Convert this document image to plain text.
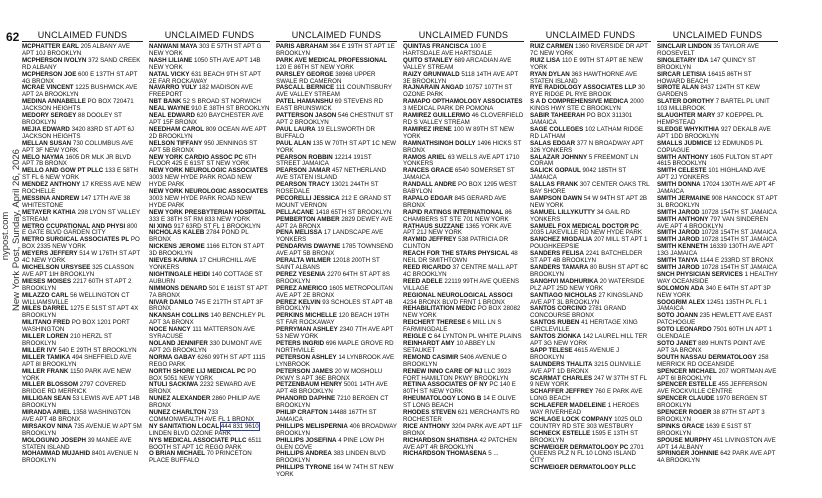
62
nypost.com New York Post, Sunday, April 26, 2026
UNCLAIMED FUNDS
MCPHATTER EARL 205 ALBANY AVE APT 10J BROOKLYN
MCPHERSON IVOLYN 372 SAND CREEK RD ALBANY
MCPHERSON JOE 600 E 137TH ST APT 4G BRONX
MCRAE VINCENT 1225 BUSHWICK AVE APT 2A BROOKLYN
MEDINA ANNABELLE PO BOX 720471 JACKSON HEIGHTS
MEDORY SERGEY 88 DOOLEY ST BROOKLYN
MEJIA EDWARD 3420 83RD ST APT 6J JACKSON HEIGHTS
MELLAN SUSAN 730 COLUMBUS AVE APT 3F NEW YORK
MELO NAYMA 1605 DR MLK JR BLVD APT 7B BRONX
MELLO AND GOW PT PLLC 133 E 58TH ST FL 6 NEW YORK
MENDEZ ANTHONY 17 KRESS AVE NEW ROCHELLE
MESSINA ANDREW 147 17TH AVE 38 WHITESTONE
METAYER KATHIA 298 LYON ST VALLEY STREAM
METRO CCUPATIONAL AND PHYSI 800 E GATE BLVD GARDEN CITY
METRO SURGICAL ASSOCIATES PL PO BOX 2335 NEW YORK
MEYERS JEFFERY 514 W 176TH ST APT 4C NEW YORK
MICHELSON URSYSEE 325 CLASSON AVE APT 1IH BROOKLYN
MIESES MOISES 2217 60TH ST APT 2 BROOKLYN
MILAZZO CARL 56 WELLINGTON CT WILLIAMSVILLE
MILES DARREL 1275 E 51ST ST APT 4X BROOKLYN
MILITANO FRED PO BOX 1201 PORT WASHINGTON
MILLER LOREN 210 HERZL ST BROOKLYN
MILLER IVY 540 E 29TH ST BROOKLYN
MILLER TAMIKA 494 SHEFFIELD AVE APT 8I BROOKLYN
MILLER FRANK 1150 PARK AVE NEW YORK
MILLER BLOSSOM 2797 COVERED BRIDGE RD MERRICK
MILLIGAN SEAN 53 LEWIS AVE APT 14B BROOKLYN
MIRANDA ARIEL 1358 WASHINGTON AVE APT 4B BRONX
MIRSAKOV NINA 735 AVENUE W APT 5M BROOKLYN
MOLOGUNO JOSEPH 39 MANEE AVE STATEN ISLAND
MOHAMMAD MUJAHID 8401 AVENUE N BROOKLYN
UNCLAIMED FUNDS
NANWANI MAYA 303 E 57TH ST APT G NEW YORK
NASH LILIANE 1050 5TH AVE APT 14B NEW YORK
NATAL VICKY 631 BEACH 9TH ST APT 2E FAR ROCKAWAY
NAVARRO YULY 182 MADISON AVE FREEPORT
NBT BANK 52 S BROAD ST NORWICH
NEAL WAYNE 910 E 38TH ST BROOKLYN
NEAL EDWARD 620 BAYCHESTER AVE APT 15F BRONX
NEEDHAM CAROL 809 OCEAN AVE APT 2D BROOKLYN
NELSON TIFFANY 950 JENNINGS ST APT 5B BRONX
NEW YORK CARDIO ASSOC PC 6TH FLOOR 425 E 61ST ST NEW YORK
NEW YORK NEUROLOGIC ASSOCIATES 3003 NEW HYDE PARK ROAD NEW HYDE PARK
NEW YORK NEUROLOGIC ASSOCIATES 3003 NEW HYDE PARK ROAD NEW HYDE PARK
NEW YORK PRESBYTERIAN HOSPITAL 333 E 38TH ST RM 833 NEW YORK
NI XING 917 63RD ST FL 1 BROOKLYN
NICHOLAS KALEB 2784 POND PL BRONX
NICKENS JEROME 1166 ELTON ST APT 3D BROOKLYN
NIEVES KARINA 17 CHURCHILL AVE YONKERS
NIGHTINGALE HEIDI 140 COTTAGE ST AUBURN
NIMMONS DENARD 501 E 161ST ST APT 7A BRONX
NIVAR DANILO 745 E 217TH ST APT 3F BRONX
NKANSAH COLLINS 140 BENCHLEY PL APT 3A BRONX
NOCE NANCY 111 MATTERSON AVE SYRACUSE
NOLAND JENNIFER 330 DUMONT AVE APT 2G BROOKLYN
NORMA GABAY 6260 99TH ST APT 1115 REGO PARK
NORTH SHORE LIJ MEDICAL PC PO BOX 5051 NEW YORK
NTULI SACKIWA 2232 SEWARD AVE BRONX
NUNEZ ALEXANDER 2860 PHILIP AVE BRONX
NUNEZ CHARLTON 733 COMMONWEALTH AVE FL 1 BRONX
NY SANITATION LOCAL 444 831 9610 LINDEN BLVD OZONE PARK
NYS MEDICAL ASSOCIATE PLLC 6511 BOOTH ST APT 1C REGO PARK
O BRIAN MICHAEL 70 PRINCETON PLACE BUFFALO
UNCLAIMED FUNDS
PARIS ABRAHAM 364 E 19TH ST APT 1E BROOKLYN
PARK AVE MEDICAL PROFESSIONAL 120 E 86TH ST NEW YORK
PARSLEY GEORGE 38968 UPPER SWALE RD CAMERON
PASCALL BERNICE 111 COUNTISBURY AVE VALLEY STREAM
PATEL HAMANSHU 69 STEVENS RD EAST BRUNSWICK
PATTERSON JASON 546 CHESTNUT ST APT 2 BROOKLYN
PAUL LAURA 19 ELLSWORTH DR BUFFALO
PAUL ALAN 135 W 70TH ST APT 1C NEW YORK
PEARSON ROBBIN 12214 191ST STREET JAMAICA
PEARSON JAMAR 457 NETHERLAND AVE STATEN ISLAND
PEARSON TRACY 13021 244TH ST ROSEDALE
PECORELLI JESSICA 212 E GRAND ST MOUNT VERNON
PELLACANE 1418 65TH ST BROOKLYN
PEMBERTON AMBER 2829 DEWEY AVE APT 2A BRONX
PENA MELISSA 17 LANDSCAPE AVE YONKERS
PENDARVIS DWAYNE 1785 TOWNSEND AVE APT 5B BRONX
PERALTA WILMER 12018 200TH ST SAINT ALBANS
PEREZ YESENIA 2270 64TH ST APT 8S BROOKLYN
PEREZ AMERICO 1605 METROPOLITAN AVE APT 2E BRONX
PEREZ KELVIN 93 SCHOLES ST APT 4B BROOKLYN
PERKINS MICHELLE 120 BEACH 19TH ST FAR ROCKAWAY
PERRYMAN ASHLEY 2340 7TH AVE APT 53 NEW YORK
PETERS INGRID 696 MAPLE GROVE RD NORTHVILLE
PETERSON ASHLEY 14 LYNBROOK AVE LYNBROOK
PETERSON JAMES 20 W MOSHOLU PKWY S APT 36E BRONX
PETZENBAUM HENRY 5001 14TH AVE APT 4B BROOKLYN
PHANORD DAPHNE 7210 BERGEN CT BROOKLYN
PHILIP CRAFTON 14488 167TH ST JAMAICA
PHILLIPS MELISPERNIA 406 BROADWAY BROOKLYN
PHILLIPS JOSEFINA 4 PINE LOW PH GLEN COVE
PHILLIPS ANDREA 383 LINDEN BLVD BROOKLYN
PHILLIPS TYRONE 164 W 74TH ST NEW YORK
UNCLAIMED FUNDS
QUINTAS FRANCISCA 100 E HARTSDALE AVE HARTSDALE
QUITO STANLEY 689 ARCADIAN AVE VALLEY STREAM
RAIZY GRUNWALD 5118 14TH AVE APT 3E BROOKLYN
RAJNARAIN ANGAD 10757 107TH ST OZONE PARK
RAMAPO OPTHAMOLOGY ASSOCIATES 3 MEDICAL PARK DR POMONA
RAMIREZ GUILLERMO 46 CLOVERFIELD RD S VALLEY STREAM
RAMIREZ IRENE 100 W 89TH ST NEW YORK
RAMNATHSINGH DOLLY 1496 HICKS ST BRONX
RAMOS ARIEL 63 WELLS AVE APT 1710 YONKERS
RANCES GRACE 6540 SOMERSET ST JAMAICA
RANDALL ANDRE PO BOX 1295 WEST BABYLON
RAPALO EDGAR 845 GERARD AVE BRONX
RAPID RATINGS INTERNATIONAL 86 CHAMBERS ST STE 701 NEW YORK
RATHAUS SUZZANE 1365 YORK AVE APT 21J NEW YORK
RAYMID JEFFREY 538 PATRICIA DR CLINTON
REACH FOR THE STARS PHYSICAL 48 NEIL DR SMITHTOWN
REED RICARDO 37 CENTRE MALL APT 4C BROOKLYN
REED ADELE 22119 99TH AVE QUEENS VILLAGE
REGIONAL NEUROLOGICAL ASSOCI 4234 BRONX BLVD FRNT 1 BRONX
REHABILITATION MEDIC PO BOX 28082 NEW YORK
REICHERT THERESE 6 MILL LN S FARMINGDALE
REIGLE C 64 LYNTON PL WHITE PLAINS
REINHARDT AMY 10 ABBEY LN SETAUKET
REMOND CASIMIR 5406 AVENUE O BROOKLYN
RENEW INNO CARE OF NJ LLC 3923 FORT HAMILTON PKWY BROOKLYN
RETINA ASSOCIATES OF NY PC 140 E 80TH ST NEW YORK
RHEUMATOLOGY LONG B 14 E OLIVE ST LONG BEACH
RHODES STEVEN 621 MERCHANTS RD ROCHESTER
RICE ANTHONY 3204 PARK AVE APT 11F BRONX
RICHARDSON SHATISHA 42 PATCHEN AVE APT 4R BROOKLYN
RICHARDSON THOMASENA 5 ...
UNCLAIMED FUNDS
RUIZ CARMEN 1360 RIVERSIDE DR APT 7C NEW YORK
RUIZ LISA 110 E 99TH ST APT 8E NEW YORK
RYAN DYLAN 363 HAWTHORNE AVE STATEN ISLAND
RYE RADIOLOGY ASSOCIATES LLP 30 RYE RIDGE PL RYE BROOK
S A D COMPREHENSIVE MEDICA 2000 KINGS HWY STE C BROOKLYN
SABIR TAHEERAH PO BOX 311301 JAMAICA
SAGE COLLEGES 102 LATHAM RIDGE RD LATHAM
SALAS EDGAR 377 N BROADWAY APT 326 YONKERS
SALAZAR JOHNNY 5 FREEMONT LN CORAM
SALICK GOPAUL 9042 185TH ST JAMAICA
SALLAS FRANK 307 CENTER OAKS TRL BAY SHORE
SAMPSON DAWN 54 W 94TH ST APT 2B NEW YORK
SAMUEL LILLYKUTTY 34 GAIL RD YONKERS
SAMUEL FOX MEDICAL DOCTOR PC 2035 LAKEVILLE RD NEW HYDE PARK
SANCHEZ MIGDALIA 207 MILL ST APT 1 POUGHKEEPSIE
SANDERS FELISA 2241 BATCHELDER ST APT 4B BROOKLYN
SANDERS TAMARA 80 BUSH ST APT 6C BROOKLYN
SANGHVI MADHURIKA 20 WATERSIDE PLZ APT 25D NEW YORK
SANTIAGO NICHOLAS 27 KINGSLAND AVE APT 3L BROOKLYN
SANTOS CORCINO 2781 GRAND CONCOURSE BRONX
SANTOS RUBEN 41 HERITAGE XING CIRCLEVILLE
SANTOS ZIONKA 142 LAUREL HILL TER APT 3G NEW YORK
SAPP TELESE 4615 AVENUE J BROOKLYN
SAUNDERS THALITA 3215 OLINVILLE AVE APT 1D BRONX
SCARMAT CHARLES 247 W 37TH ST FL 9 NEW YORK
SCHAFFER JEFFREY 760 E PARK AVE LONG BEACH
SCHLAEFER MADELEINE 1 HEROES WAY RIVERHEAD
SCHLAGE LOCK COMPANY 1025 OLD COUNTRY RD STE 303 WESTBURY
SCHNECK ESTELLE 1595 E 13TH ST BROOKLYN
SCHWEIGER DERMATOLOGY PC 2701 QUEENS PLZ N FL 10 LONG ISLAND CITY
SCHWEIGER DERMATOLOGY PLLC
UNCLAIMED FUNDS
SINCLAIR LINDON 35 TAYLOR AVE ROOSEVELT
SINGLETARY IDA 147 QUINCY ST BROOKLYN
SIRCAR LETISIA 16415 86TH ST HOWARD BEACH
SIROTE ALAN 8437 124TH ST KEW GARDENS
SLATER DOROTHY 7 BARTEL PL UNIT 103 MILLBROOK
SLAUGHTER MARY 37 KOEPPEL PL HEMPSTEAD
SLEDGE WHYKITHIA 927 DEKALB AVE APT 1DD BROOKLYN
SMALLS JUDMICE 12 EDMUNDS PL COPIAGUE
SMITH ANTHONY 1605 FULTON ST APT 4615 BROOKLYN
SMITH CELESTE 101 HIGHLAND AVE APT 2J YONKERS
SMITH DONNA 17024 130TH AVE APT 4F JAMAICA
SMITH JERMAINE 908 HANCOCK ST APT 3L BROOKLYN
SMITH JAROD 10728 154TH ST JAMAICA
SMITH ANTHONY 797 VAN SINDEREN AVE APT 4 BROOKLYN
SMITH JAROD 10728 154TH ST JAMAICA
SMITH JAROD 10728 154TH ST JAMAICA
SMITH KENNETH 16339 130TH AVE APT 13G JAMAICA
SMITH TANYA 1144 E 233RD ST BRONX
SMITH JAROD 10728 154TH ST JAMAICA
SNCH PHYSICIAN SERVICES 1 HEALTHY WAY OCEANSIDE
SOLOMON ADA 340 E 64TH ST APT 3P NEW YORK
SOOGRIM ALEX 12451 135TH PL FL 1 JAMAICA
SOTO JOANN 235 HEWLETT AVE EAST PATCHOGUE
SOTO LEONARDO 7501 60TH LN APT 1 GLENDALE
SOTO JANET 889 HUNTS POINT AVE APT 3A BRONX
SOUTH NASSAU DERMATOLOGY 258 MERRICK RD OCEANSIDE
SPENCER MICHAEL 207 WORTMAN AVE APT 6I BROOKLYN
SPENCER ESTELLE 455 JEFFERSON AVE ROCKVILLE CENTRE
SPENCER CLAUDE 1970 BERGEN ST BROOKLYN
SPENCER ROGER 38 87TH ST APT 3 BROOKLYN
SPINKS GRACE 1639 E 51ST ST BROOKLYN
SPOUSE MURPHY 451 LIVINGSTON AVE APT 14 ALBANY
SPRINGER JOHNNIE 642 PARK AVE APT 4A BROOKLYN
